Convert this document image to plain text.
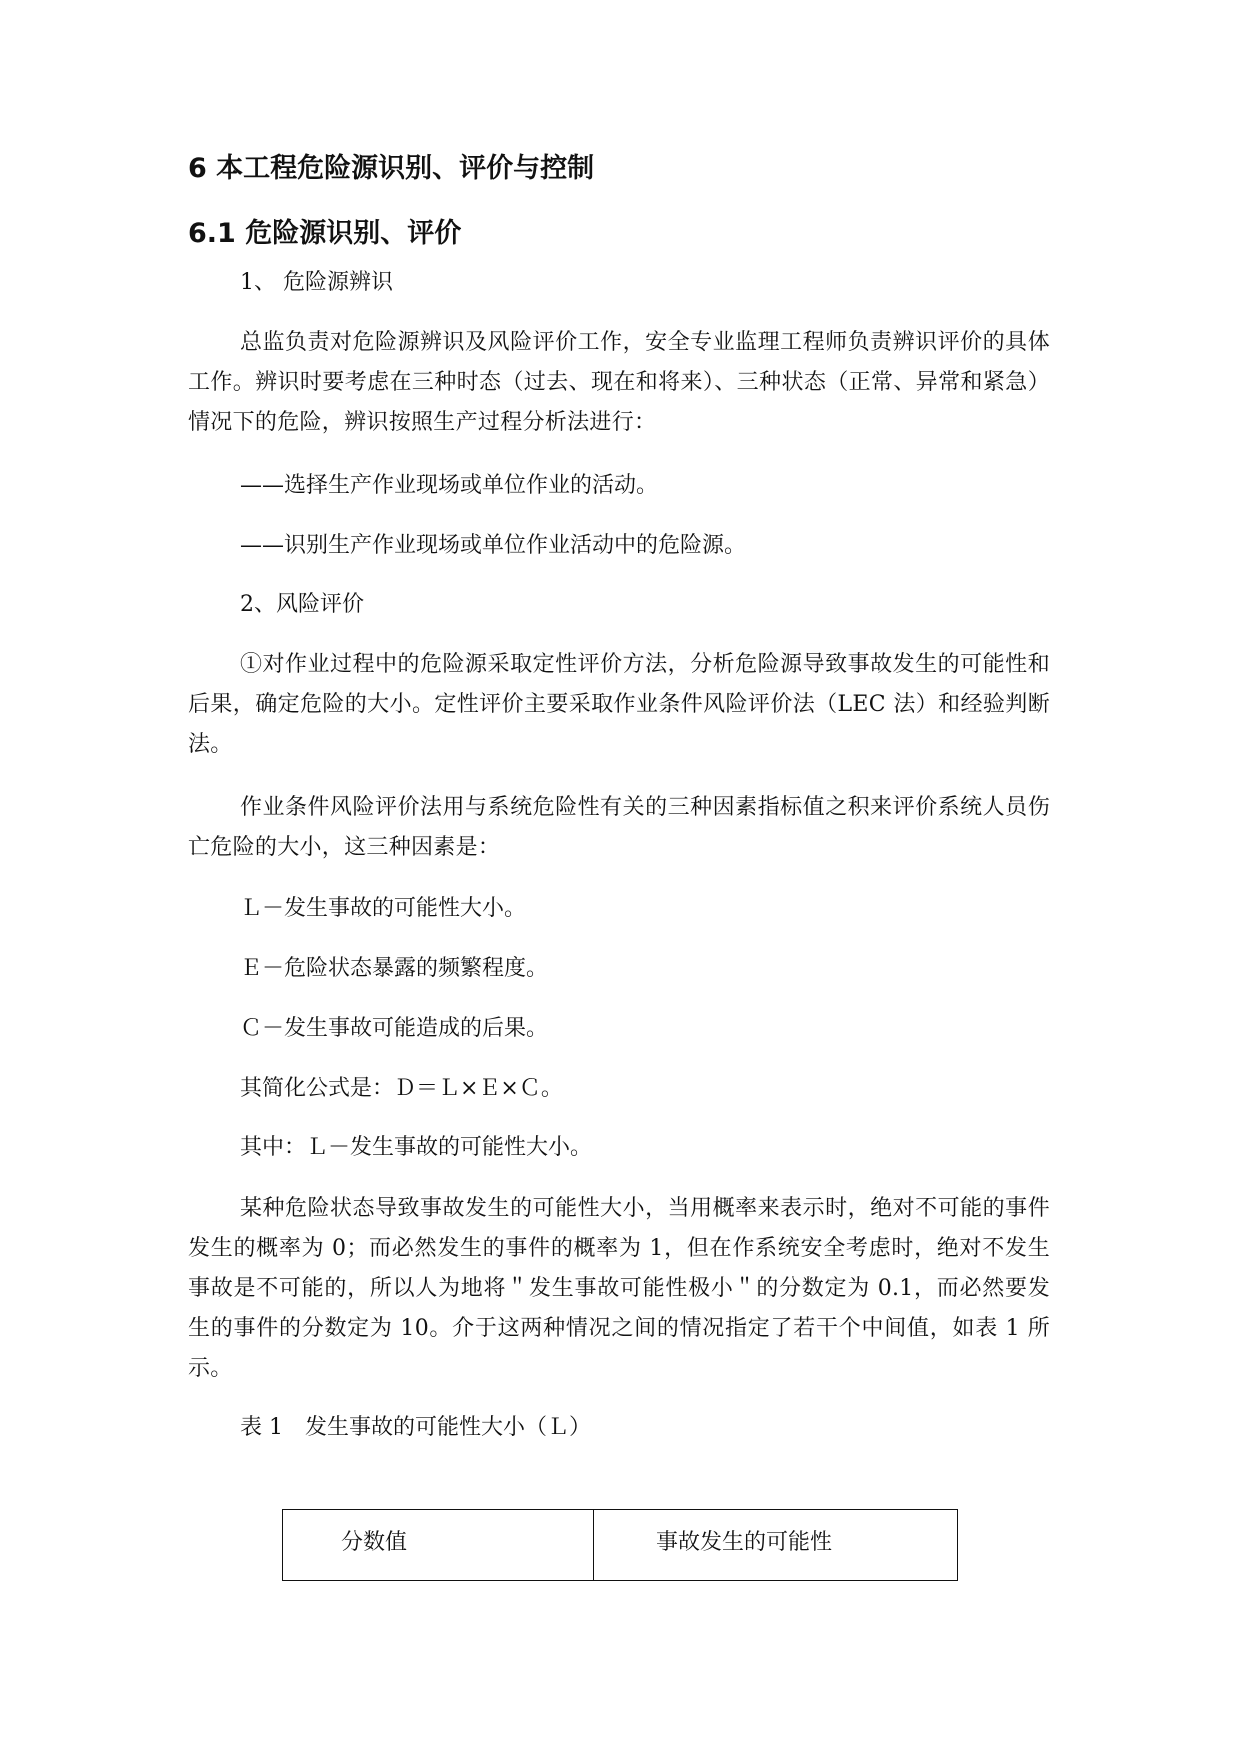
6 本工程危险源识别、评价与控制
6.1 危险源识别、评价

1、 危险源辨识

总监负责对危险源辨识及风险评价工作，安全专业监理工程师负责辨识评价的具体工作。辨识时要考虑在三种时态（过去、现在和将来）、三种状态（正常、异常和紧急）情况下的危险，辨识按照生产过程分析法进行：

——选择生产作业现场或单位作业的活动。

——识别生产作业现场或单位作业活动中的危险源。

2、风险评价

①对作业过程中的危险源采取定性评价方法，分析危险源导致事故发生的可能性和后果，确定危险的大小。定性评价主要采取作业条件风险评价法（LEC 法）和经验判断法。

作业条件风险评价法用与系统危险性有关的三种因素指标值之积来评价系统人员伤亡危险的大小，这三种因素是：

Ｌ－发生事故的可能性大小。

Ｅ－危险状态暴露的频繁程度。

Ｃ－发生事故可能造成的后果。

其简化公式是：Ｄ＝Ｌ×Ｅ×Ｃ。

其中：Ｌ－发生事故的可能性大小。

某种危险状态导致事故发生的可能性大小，当用概率来表示时，绝对不可能的事件发生的概率为 0；而必然发生的事件的概率为 1，但在作系统安全考虑时，绝对不发生事故是不可能的，所以人为地将＂发生事故可能性极小＂的分数定为 0.1，而必然要发生的事件的分数定为 10。介于这两种情况之间的情况指定了若干个中间值，如表 1 所示。

表 1　发生事故的可能性大小（Ｌ）

分数值	事故发生的可能性
